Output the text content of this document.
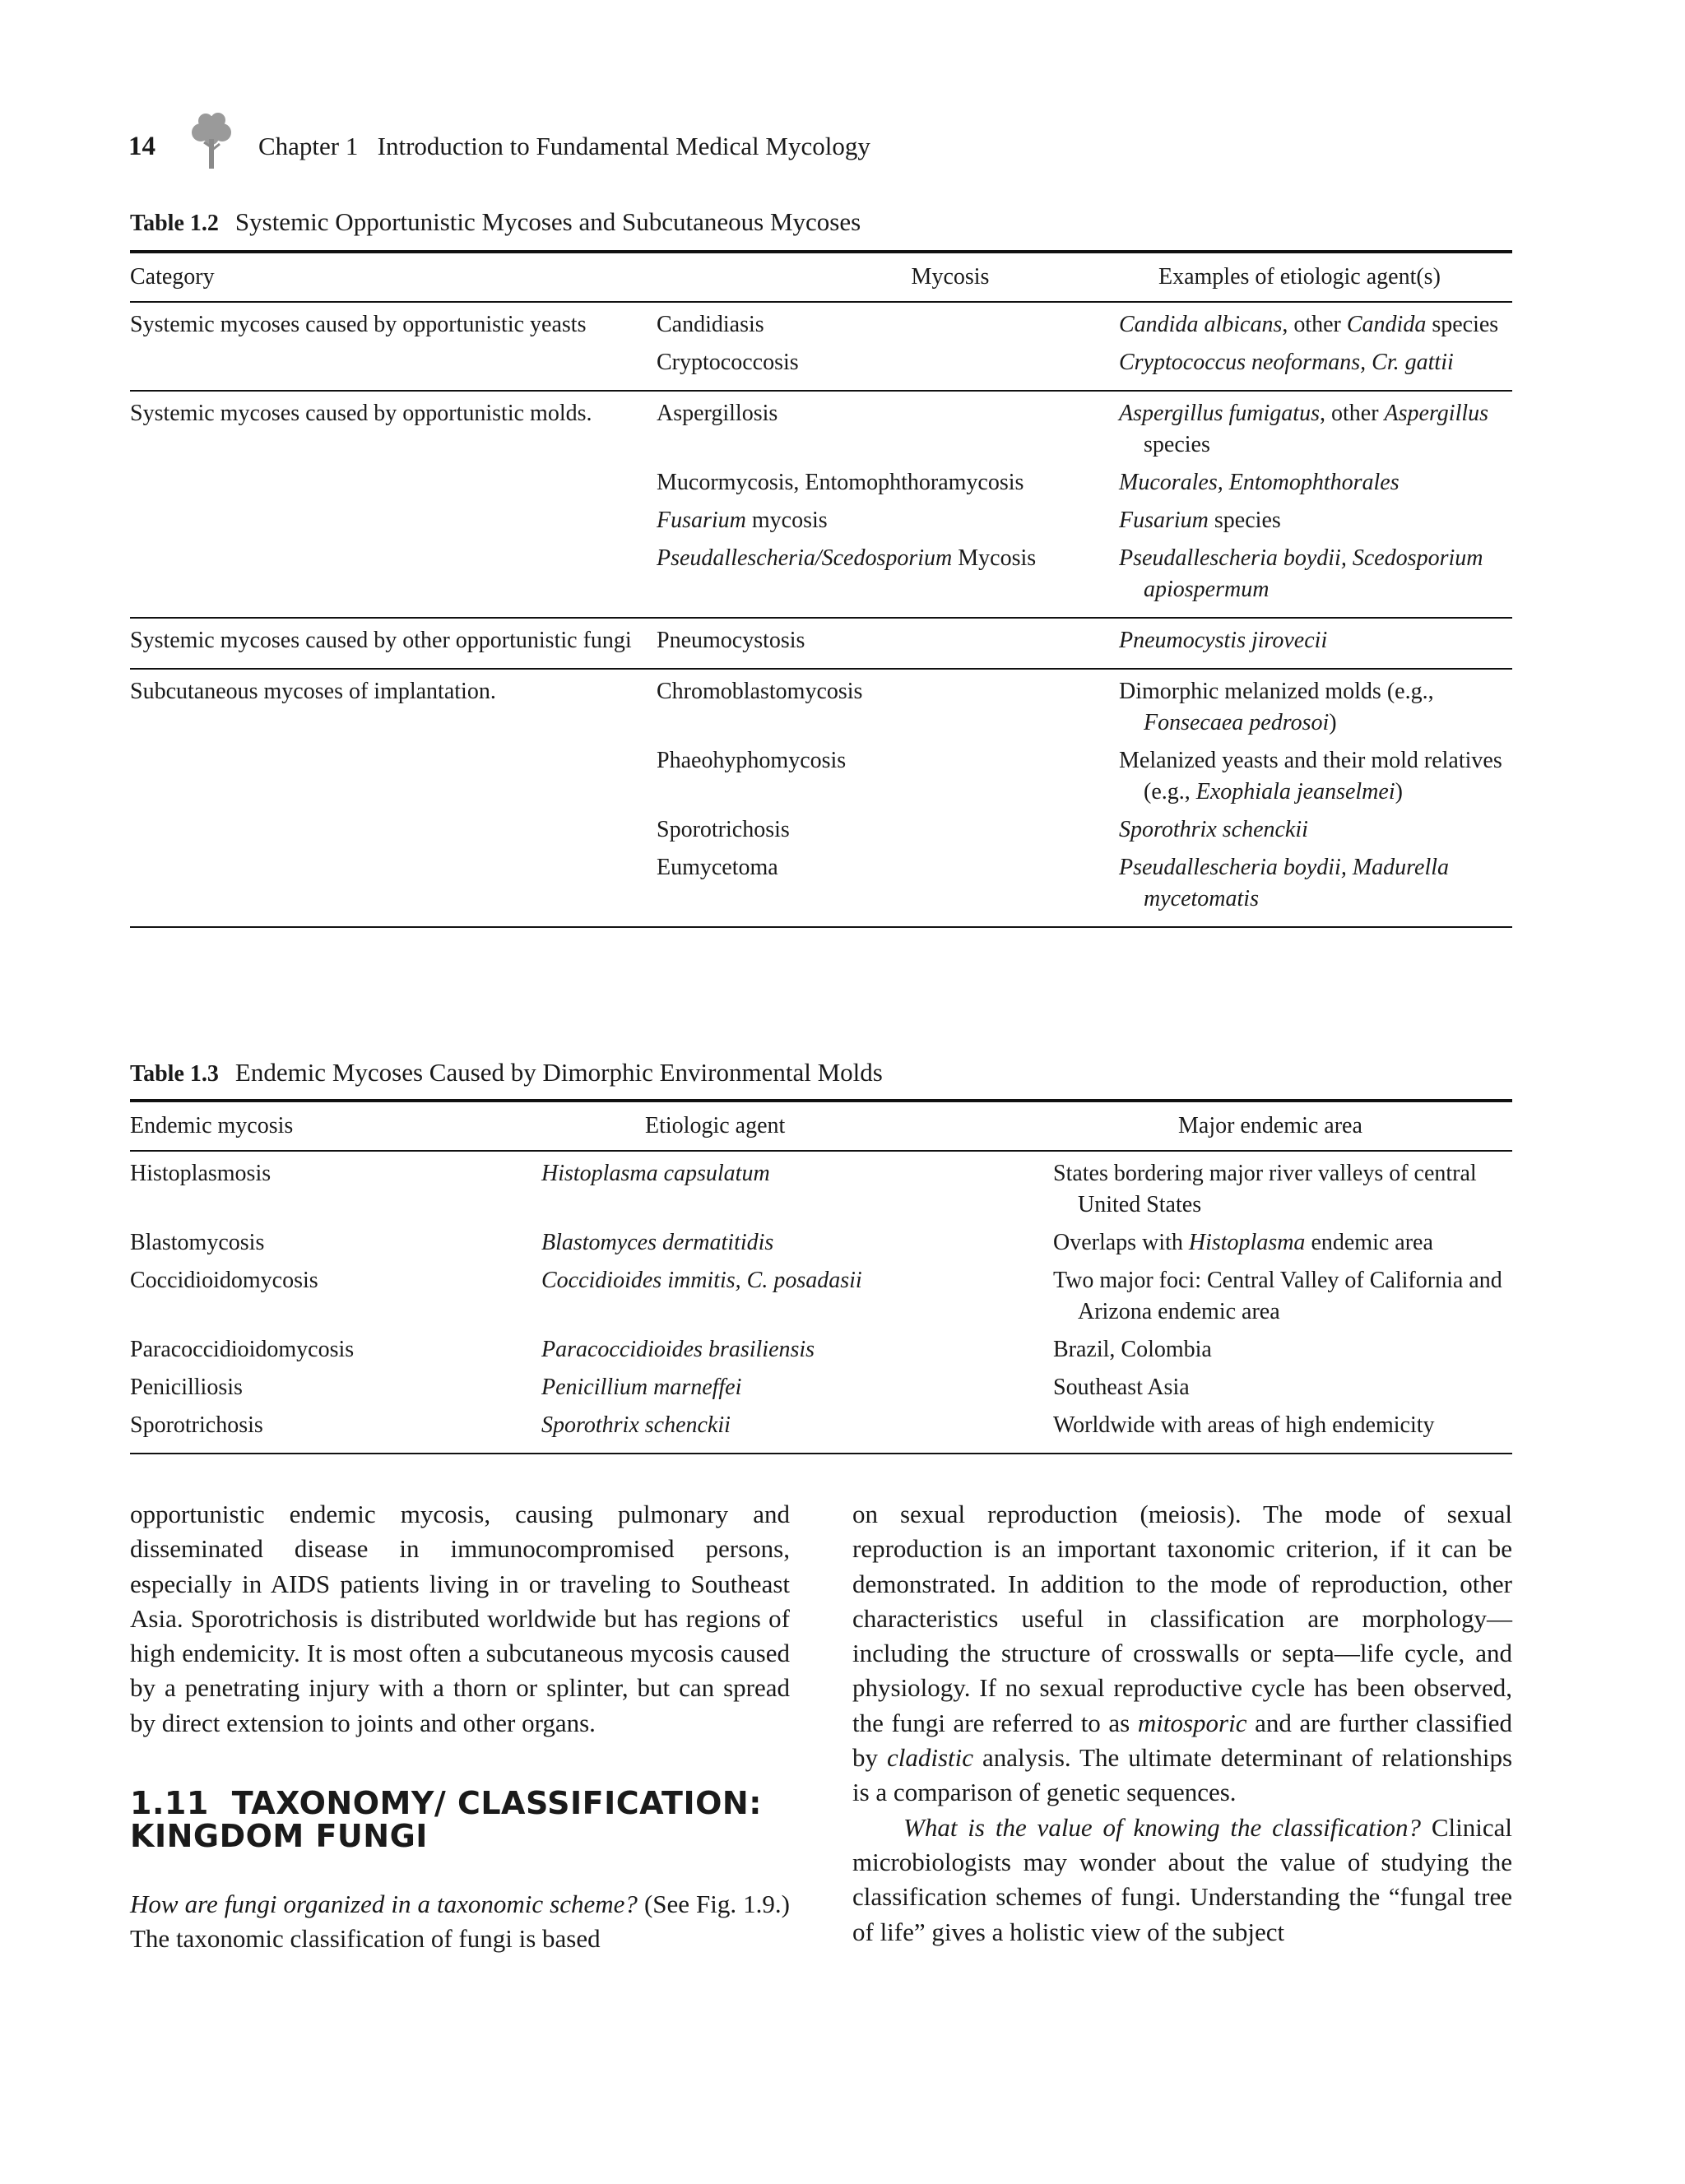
14	Chapter 1   Introduction to Fundamental Medical Mycology
Table 1.2 Systemic Opportunistic Mycoses and Subcutaneous Mycoses
Category	Mycosis	Examples of etiologic agent(s)

Systemic mycoses caused by opportunistic yeasts	Candidiasis	Candida albicans, other Candida species

	Cryptococcosis	Cryptococcus neoformans, Cr. gattii

Systemic mycoses caused by opportunistic molds.	Aspergillosis	Aspergillus fumigatus, other Aspergillus species

	Mucormycosis, Entomophthoramycosis	Mucorales, Entomophthorales

	Fusarium mycosis	Fusarium species

	Pseudallescheria/Scedosporium Mycosis	Pseudallescheria boydii, Scedosporium apiospermum

Systemic mycoses caused by other opportunistic fungi	Pneumocystosis	Pneumocystis jirovecii

Subcutaneous mycoses of implantation.	Chromoblastomycosis	Dimorphic melanized molds (e.g., Fonsecaea pedrosoi)

	Phaeohyphomycosis	Melanized yeasts and their mold relatives (e.g., Exophiala jeanselmei)

	Sporotrichosis	Sporothrix schenckii

	Eumycetoma	Pseudallescheria boydii, Madurella mycetomatis
Table 1.3 Endemic Mycoses Caused by Dimorphic Environmental Molds
Endemic mycosis	Etiologic agent	Major endemic area
Histoplasmosis	Histoplasma capsulatum	States bordering major river valleys of central United States

Blastomycosis	Blastomyces dermatitidis	Overlaps with Histoplasma endemic area

Coccidioidomycosis	Coccidioides immitis, C. posadasii	Two major foci: Central Valley of California and Arizona endemic area

Paracoccidioidomycosis	Paracoccidioides brasiliensis	Brazil, Colombia

Penicilliosis	Penicillium marneffei	Southeast Asia

Sporotrichosis	Sporothrix schenckii	Worldwide with areas of high endemicity

opportunistic endemic mycosis, causing pulmonary and disseminated disease in immunocompromised persons, especially in AIDS patients living in or traveling to Southeast Asia. Sporotrichosis is distributed worldwide but has regions of high endemicity. It is most often a subcutaneous mycosis caused by a penetrating injury with a thorn or splinter, but can spread by direct extension to joints and other organs.

1.11 TAXONOMY/ CLASSIFICATION: KINGDOM FUNGI

How are fungi organized in a taxonomic scheme? (See Fig. 1.9.) The taxonomic classification of fungi is based

on sexual reproduction (meiosis). The mode of sexual reproduction is an important taxonomic criterion, if it can be demonstrated. In addition to the mode of reproduction, other characteristics useful in classification are morphology—including the structure of crosswalls or septa—life cycle, and physiology. If no sexual reproductive cycle has been observed, the fungi are referred to as mitosporic and are further classified by cladistic analysis. The ultimate determinant of relationships is a comparison of genetic sequences.

What is the value of knowing the classification? Clinical microbiologists may wonder about the value of studying the classification schemes of fungi. Understanding the “fungal tree of life” gives a holistic view of the subject
